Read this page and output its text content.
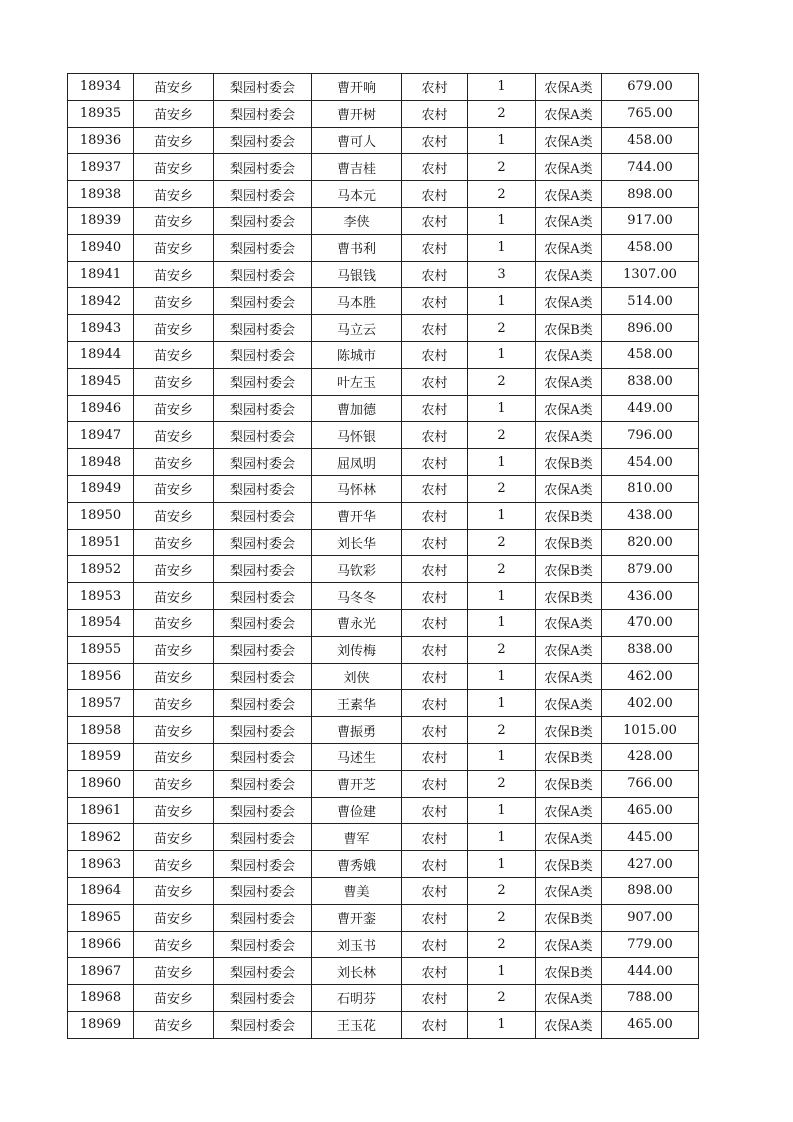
18934	苗安乡	梨园村委会	曹开响	农村	1	农保A类	679.00
18935	苗安乡	梨园村委会	曹开树	农村	2	农保A类	765.00
18936	苗安乡	梨园村委会	曹可人	农村	1	农保A类	458.00
18937	苗安乡	梨园村委会	曹吉桂	农村	2	农保A类	744.00
18938	苗安乡	梨园村委会	马本元	农村	2	农保A类	898.00
18939	苗安乡	梨园村委会	李侠	农村	1	农保A类	917.00
18940	苗安乡	梨园村委会	曹书利	农村	1	农保A类	458.00
18941	苗安乡	梨园村委会	马银钱	农村	3	农保A类	1307.00
18942	苗安乡	梨园村委会	马本胜	农村	1	农保A类	514.00
18943	苗安乡	梨园村委会	马立云	农村	2	农保B类	896.00
18944	苗安乡	梨园村委会	陈城市	农村	1	农保A类	458.00
18945	苗安乡	梨园村委会	叶左玉	农村	2	农保A类	838.00
18946	苗安乡	梨园村委会	曹加德	农村	1	农保A类	449.00
18947	苗安乡	梨园村委会	马怀银	农村	2	农保A类	796.00
18948	苗安乡	梨园村委会	屈凤明	农村	1	农保B类	454.00
18949	苗安乡	梨园村委会	马怀林	农村	2	农保A类	810.00
18950	苗安乡	梨园村委会	曹开华	农村	1	农保B类	438.00
18951	苗安乡	梨园村委会	刘长华	农村	2	农保B类	820.00
18952	苗安乡	梨园村委会	马钦彩	农村	2	农保B类	879.00
18953	苗安乡	梨园村委会	马冬冬	农村	1	农保B类	436.00
18954	苗安乡	梨园村委会	曹永光	农村	1	农保A类	470.00
18955	苗安乡	梨园村委会	刘传梅	农村	2	农保A类	838.00
18956	苗安乡	梨园村委会	刘侠	农村	1	农保A类	462.00
18957	苗安乡	梨园村委会	王素华	农村	1	农保A类	402.00
18958	苗安乡	梨园村委会	曹振勇	农村	2	农保B类	1015.00
18959	苗安乡	梨园村委会	马述生	农村	1	农保B类	428.00
18960	苗安乡	梨园村委会	曹开芝	农村	2	农保B类	766.00
18961	苗安乡	梨园村委会	曹俭建	农村	1	农保A类	465.00
18962	苗安乡	梨园村委会	曹军	农村	1	农保A类	445.00
18963	苗安乡	梨园村委会	曹秀娥	农村	1	农保B类	427.00
18964	苗安乡	梨园村委会	曹美	农村	2	农保A类	898.00
18965	苗安乡	梨园村委会	曹开銮	农村	2	农保B类	907.00
18966	苗安乡	梨园村委会	刘玉书	农村	2	农保A类	779.00
18967	苗安乡	梨园村委会	刘长林	农村	1	农保B类	444.00
18968	苗安乡	梨园村委会	石明芬	农村	2	农保A类	788.00
18969	苗安乡	梨园村委会	王玉花	农村	1	农保A类	465.00
